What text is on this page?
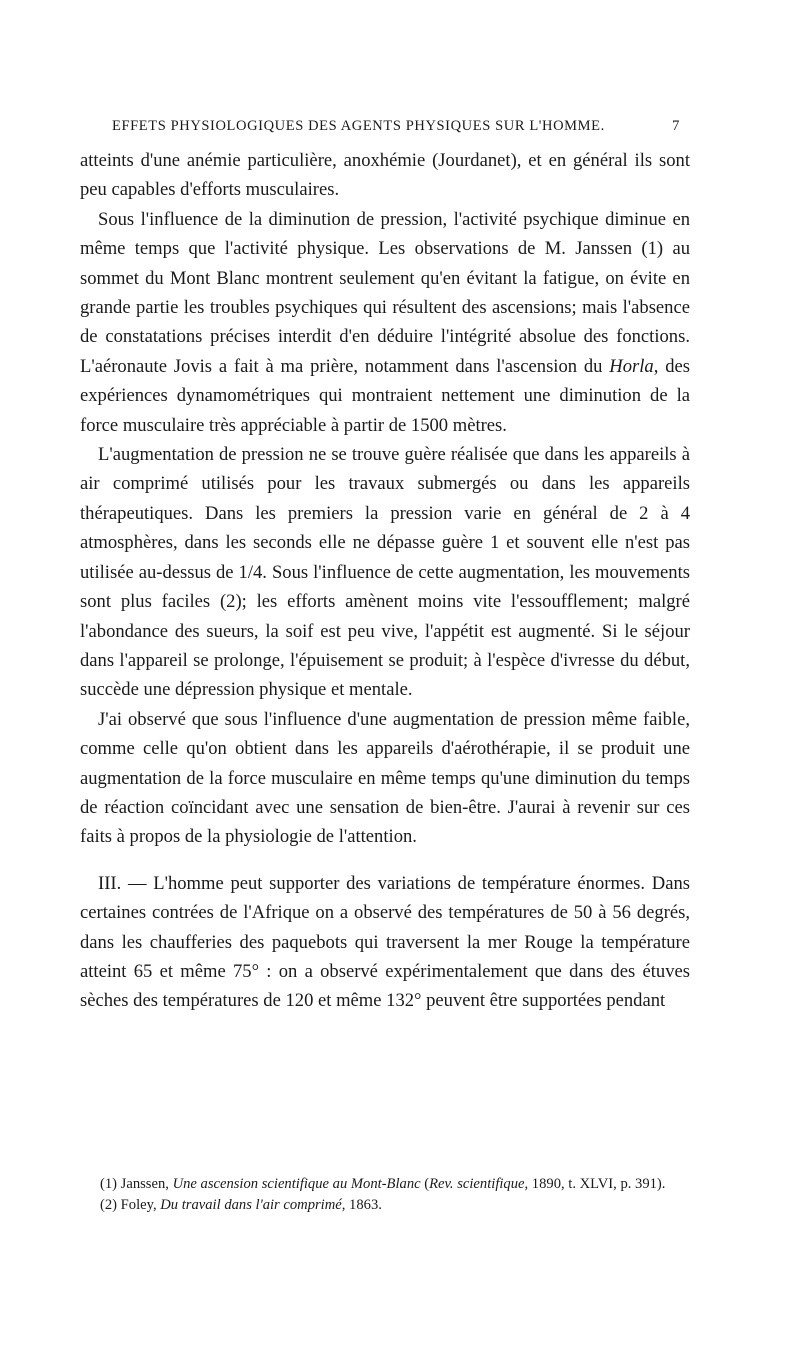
EFFETS PHYSIOLOGIQUES DES AGENTS PHYSIQUES SUR L'HOMME.	7

atteints d'une anémie particulière, anoxhémie (Jourdanet), et en général ils sont peu capables d'efforts musculaires.

Sous l'influence de la diminution de pression, l'activité psychique diminue en même temps que l'activité physique. Les observations de M. Janssen (1) au sommet du Mont Blanc montrent seulement qu'en évitant la fatigue, on évite en grande partie les troubles psychiques qui résultent des ascensions; mais l'absence de constatations précises interdit d'en déduire l'intégrité absolue des fonctions. L'aéronaute Jovis a fait à ma prière, notamment dans l'ascension du Horla, des expériences dynamométriques qui montraient nettement une diminution de la force musculaire très appréciable à partir de 1500 mètres.

L'augmentation de pression ne se trouve guère réalisée que dans les appareils à air comprimé utilisés pour les travaux submergés ou dans les appareils thérapeutiques. Dans les premiers la pression varie en général de 2 à 4 atmosphères, dans les seconds elle ne dépasse guère 1 et souvent elle n'est pas utilisée au-dessus de 1/4. Sous l'influence de cette augmentation, les mouvements sont plus faciles (2); les efforts amènent moins vite l'essoufflement; malgré l'abondance des sueurs, la soif est peu vive, l'appétit est augmenté. Si le séjour dans l'appareil se prolonge, l'épuisement se produit; à l'espèce d'ivresse du début, succède une dépression physique et mentale.

J'ai observé que sous l'influence d'une augmentation de pression même faible, comme celle qu'on obtient dans les appareils d'aérothérapie, il se produit une augmentation de la force musculaire en même temps qu'une diminution du temps de réaction coïncidant avec une sensation de bien-être. J'aurai à revenir sur ces faits à propos de la physiologie de l'attention.

III. — L'homme peut supporter des variations de température énormes. Dans certaines contrées de l'Afrique on a observé des températures de 50 à 56 degrés, dans les chaufferies des paquebots qui traversent la mer Rouge la température atteint 65 et même 75° : on a observé expérimentalement que dans des étuves sèches des températures de 120 et même 132° peuvent être supportées pendant

(1) Janssen, Une ascension scientifique au Mont-Blanc (Rev. scientifique, 1890, t. XLVI, p. 391).

(2) Foley, Du travail dans l'air comprimé, 1863.
